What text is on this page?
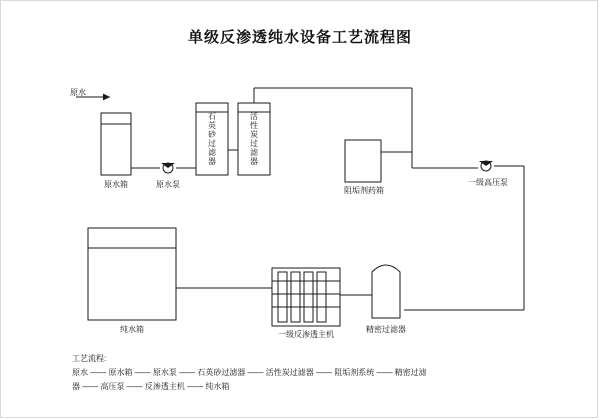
单级反渗透纯水设备工艺流程图
石英砂过滤器
活性炭过滤器
原水
原水箱	原水泵
阻垢剂药箱
一级高压泵
纯水箱
一级反渗透主机
精密过滤器
工艺流程:
原水 —— 原水箱 —— 原水泵 —— 石英砂过滤器 —— 活性炭过滤器 —— 阻垢剂系统 —— 精密过滤
器 —— 高压泵 —— 反渗透主机 —— 纯水箱
